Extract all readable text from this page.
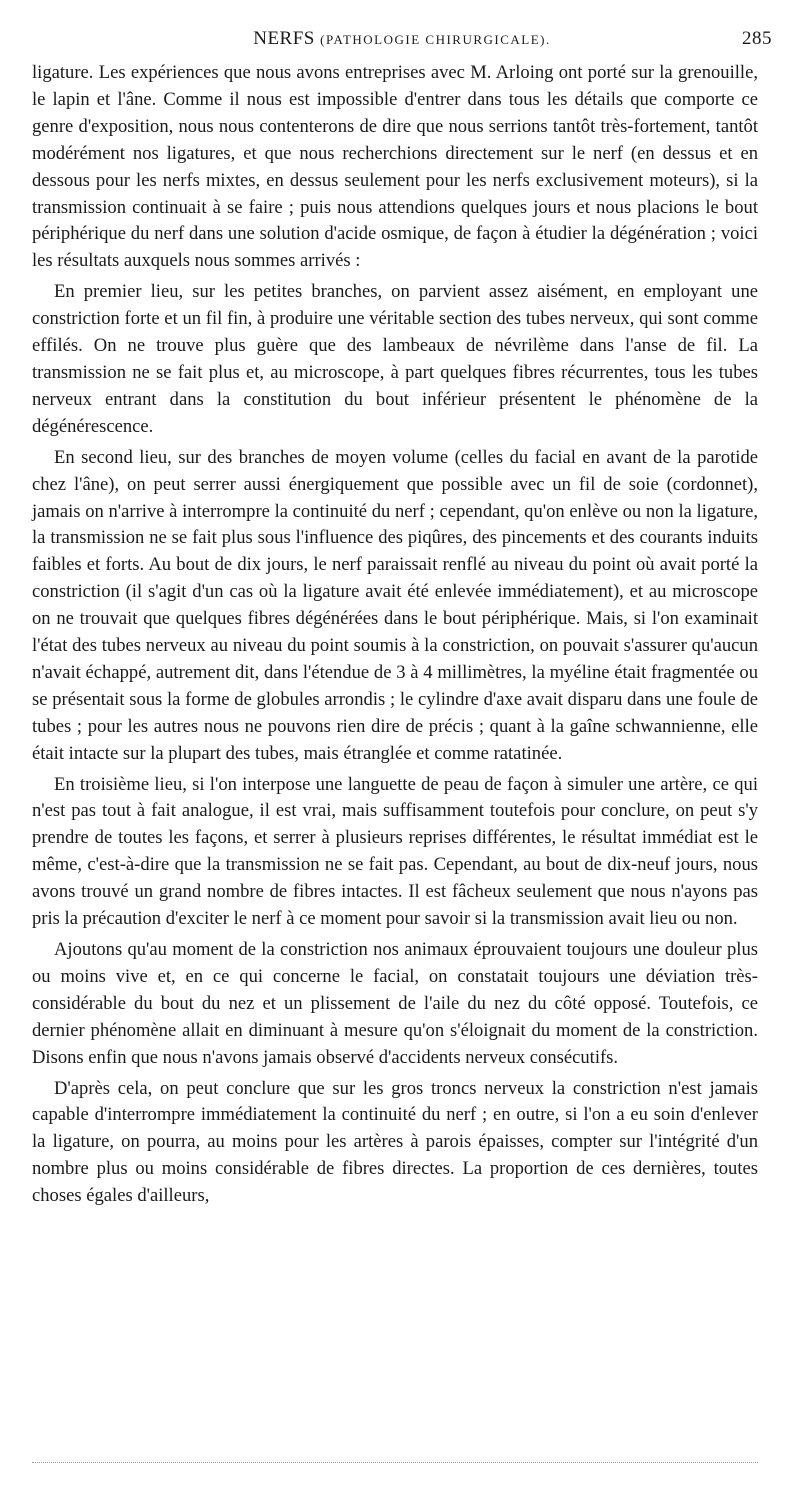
NERFS (PATHOLOGIE CHIRURGICALE).	285

ligature. Les expériences que nous avons entreprises avec M. Arloing ont porté sur la grenouille, le lapin et l'âne. Comme il nous est impossible d'entrer dans tous les détails que comporte ce genre d'exposition, nous nous contenterons de dire que nous serrions tantôt très-fortement, tantôt modérément nos ligatures, et que nous recherchions directement sur le nerf (en dessus et en dessous pour les nerfs mixtes, en dessus seulement pour les nerfs exclusivement moteurs), si la transmission continuait à se faire ; puis nous attendions quelques jours et nous placions le bout périphérique du nerf dans une solution d'acide osmique, de façon à étudier la dégénération ; voici les résultats auxquels nous sommes arrivés :

En premier lieu, sur les petites branches, on parvient assez aisément, en employant une constriction forte et un fil fin, à produire une véritable section des tubes nerveux, qui sont comme effilés. On ne trouve plus guère que des lambeaux de névrilème dans l'anse de fil. La transmission ne se fait plus et, au microscope, à part quelques fibres récurrentes, tous les tubes nerveux entrant dans la constitution du bout inférieur présentent le phénomène de la dégénérescence.

En second lieu, sur des branches de moyen volume (celles du facial en avant de la parotide chez l'âne), on peut serrer aussi énergiquement que possible avec un fil de soie (cordonnet), jamais on n'arrive à interrompre la continuité du nerf ; cependant, qu'on enlève ou non la ligature, la transmission ne se fait plus sous l'influence des piqûres, des pincements et des courants induits faibles et forts. Au bout de dix jours, le nerf paraissait renflé au niveau du point où avait porté la constriction (il s'agit d'un cas où la ligature avait été enlevée immédiatement), et au microscope on ne trouvait que quelques fibres dégénérées dans le bout périphérique. Mais, si l'on examinait l'état des tubes nerveux au niveau du point soumis à la constriction, on pouvait s'assurer qu'aucun n'avait échappé, autrement dit, dans l'étendue de 3 à 4 millimètres, la myéline était fragmentée ou se présentait sous la forme de globules arrondis ; le cylindre d'axe avait disparu dans une foule de tubes ; pour les autres nous ne pouvons rien dire de précis ; quant à la gaîne schwannienne, elle était intacte sur la plupart des tubes, mais étranglée et comme ratatinée.

En troisième lieu, si l'on interpose une languette de peau de façon à simuler une artère, ce qui n'est pas tout à fait analogue, il est vrai, mais suffisamment toutefois pour conclure, on peut s'y prendre de toutes les façons, et serrer à plusieurs reprises différentes, le résultat immédiat est le même, c'est-à-dire que la transmission ne se fait pas. Cependant, au bout de dix-neuf jours, nous avons trouvé un grand nombre de fibres intactes. Il est fâcheux seulement que nous n'ayons pas pris la précaution d'exciter le nerf à ce moment pour savoir si la transmission avait lieu ou non.

Ajoutons qu'au moment de la constriction nos animaux éprouvaient toujours une douleur plus ou moins vive et, en ce qui concerne le facial, on constatait toujours une déviation très-considérable du bout du nez et un plissement de l'aile du nez du côté opposé. Toutefois, ce dernier phénomène allait en diminuant à mesure qu'on s'éloignait du moment de la constriction. Disons enfin que nous n'avons jamais observé d'accidents nerveux consécutifs.

D'après cela, on peut conclure que sur les gros troncs nerveux la constriction n'est jamais capable d'interrompre immédiatement la continuité du nerf ; en outre, si l'on a eu soin d'enlever la ligature, on pourra, au moins pour les artères à parois épaisses, compter sur l'intégrité d'un nombre plus ou moins considérable de fibres directes. La proportion de ces dernières, toutes choses égales d'ailleurs,
